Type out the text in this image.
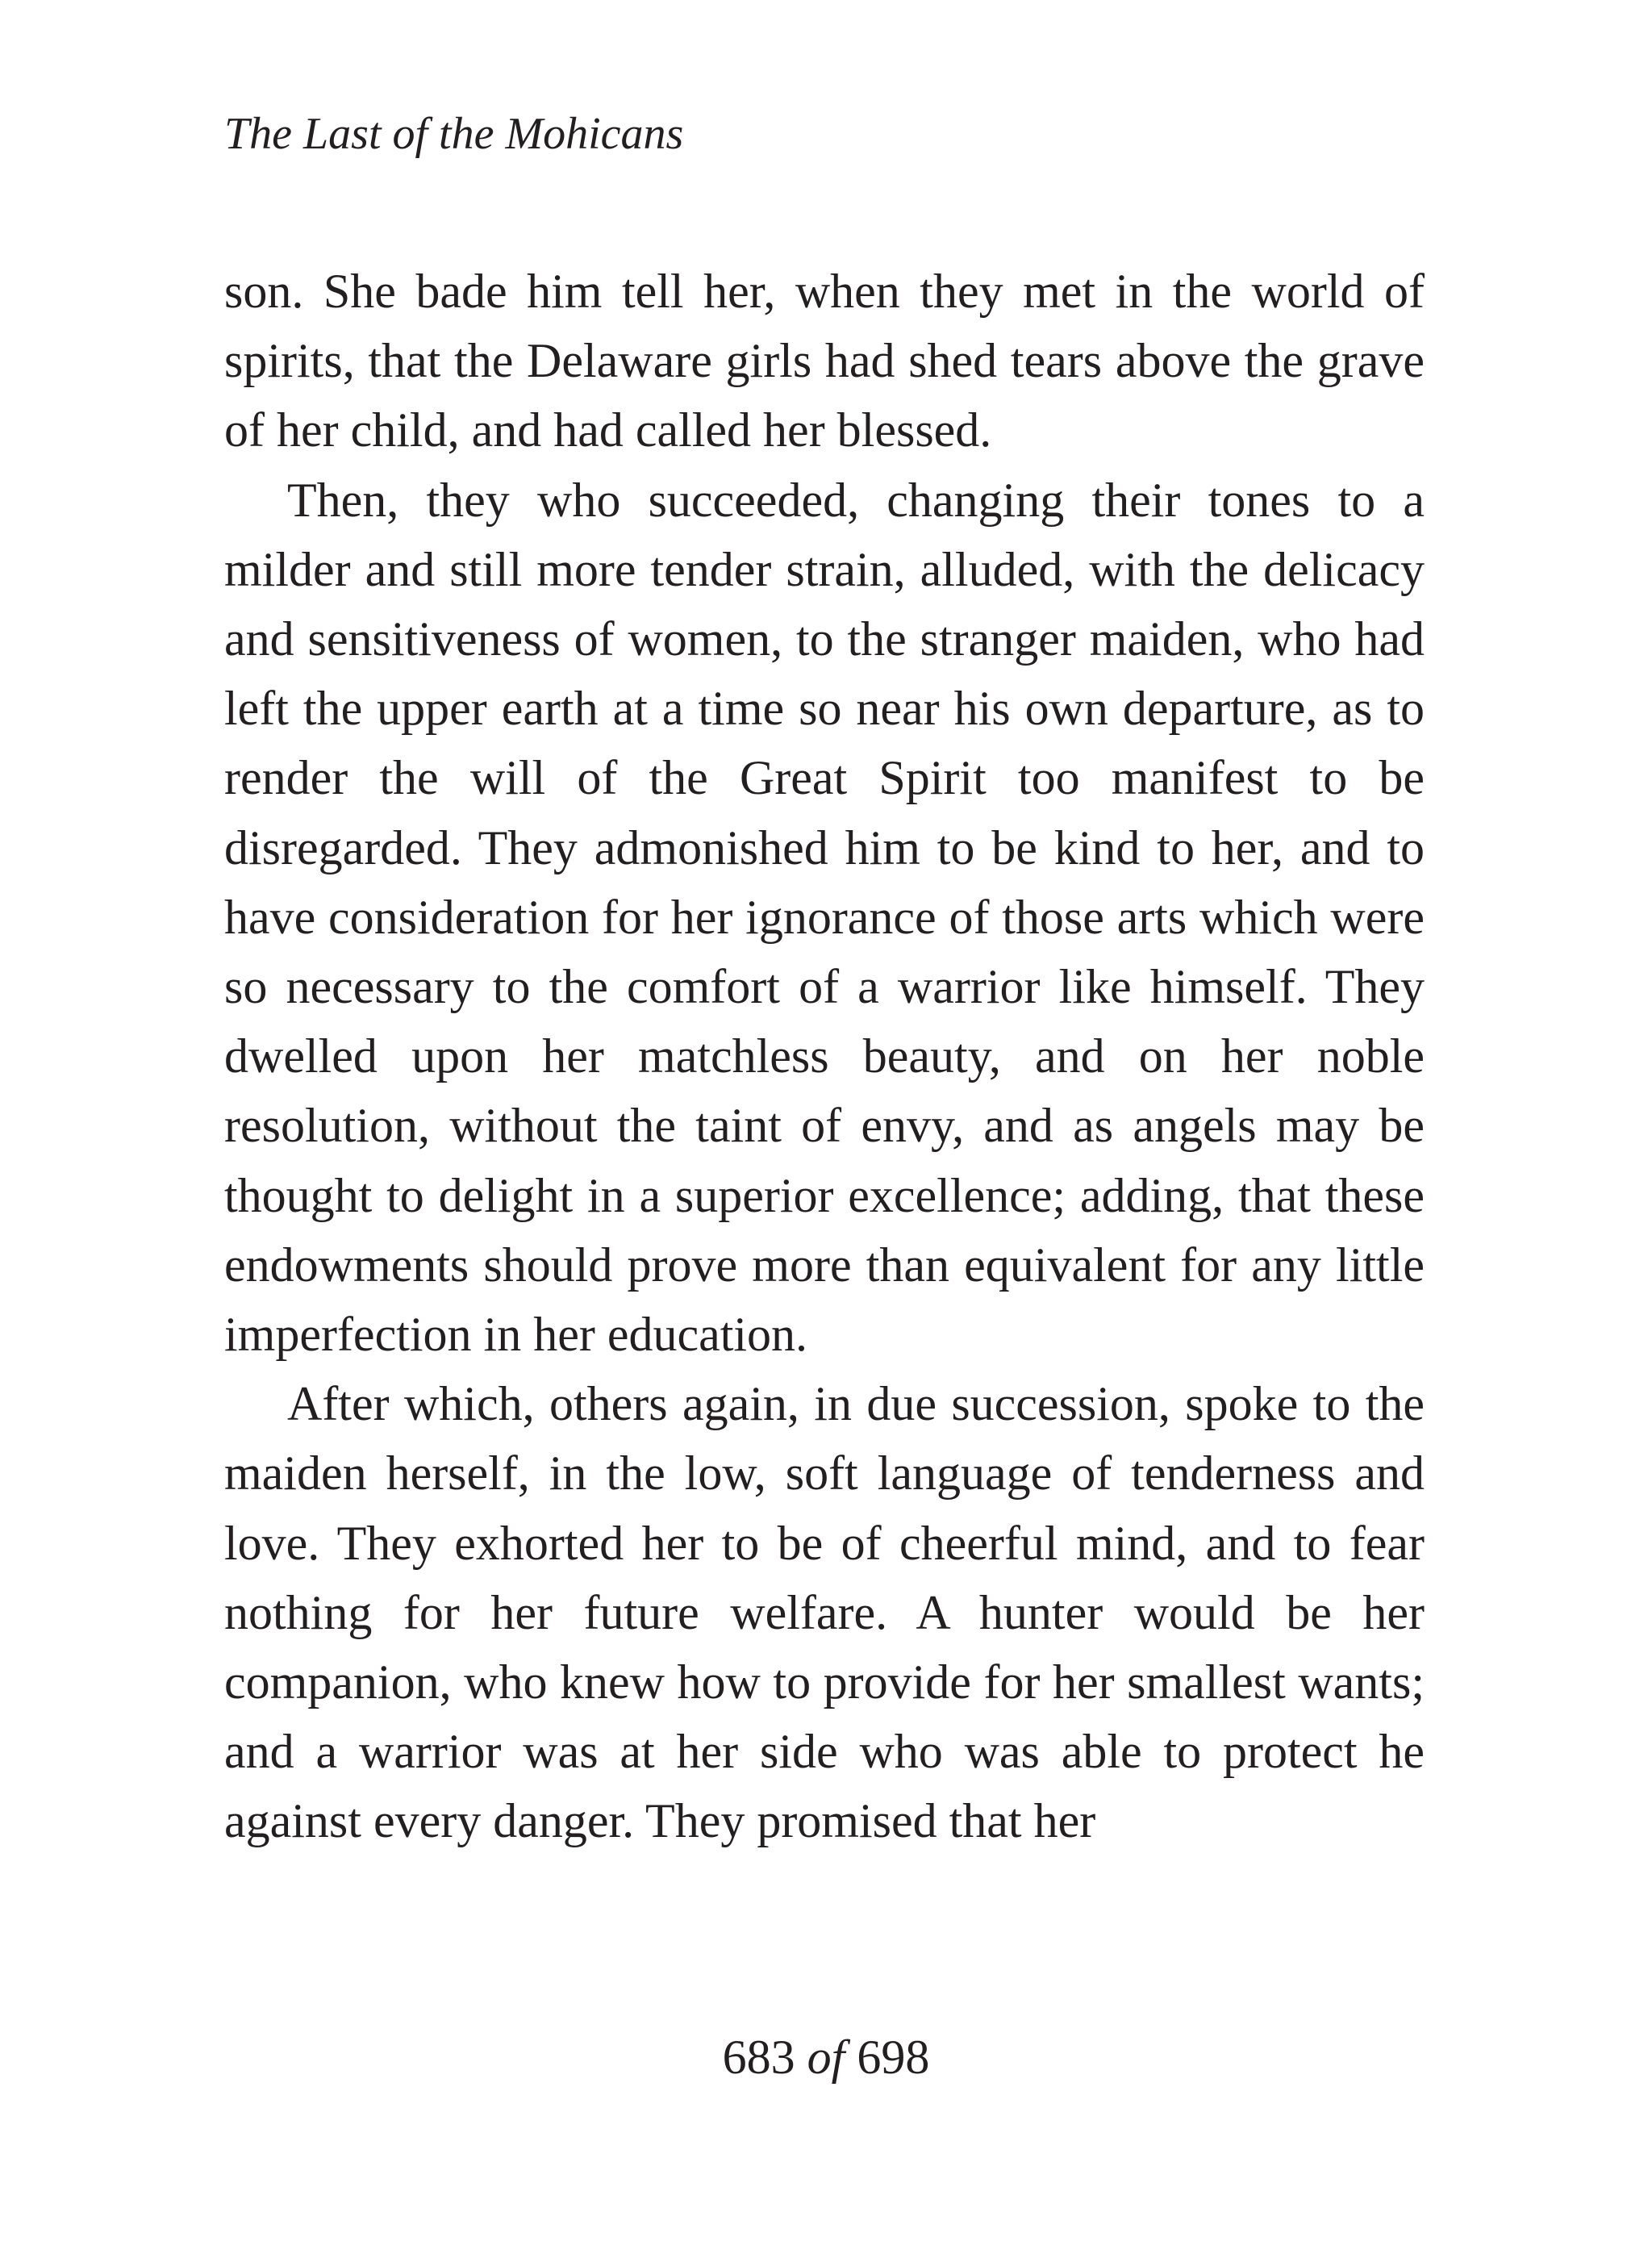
The Last of the Mohicans

son. She bade him tell her, when they met in the world of spirits, that the Delaware girls had shed tears above the grave of her child, and had called her blessed.

Then, they who succeeded, changing their tones to a milder and still more tender strain, alluded, with the delicacy and sensitiveness of women, to the stranger maiden, who had left the upper earth at a time so near his own departure, as to render the will of the Great Spirit too manifest to be disregarded. They admonished him to be kind to her, and to have consideration for her ignorance of those arts which were so necessary to the comfort of a warrior like himself. They dwelled upon her matchless beauty, and on her noble resolution, without the taint of envy, and as angels may be thought to delight in a superior excellence; adding, that these endowments should prove more than equivalent for any little imperfection in her education.

After which, others again, in due succession, spoke to the maiden herself, in the low, soft language of tenderness and love. They exhorted her to be of cheerful mind, and to fear nothing for her future welfare. A hunter would be her companion, who knew how to provide for her smallest wants; and a warrior was at her side who was able to protect he against every danger. They promised that her

683 of 698
